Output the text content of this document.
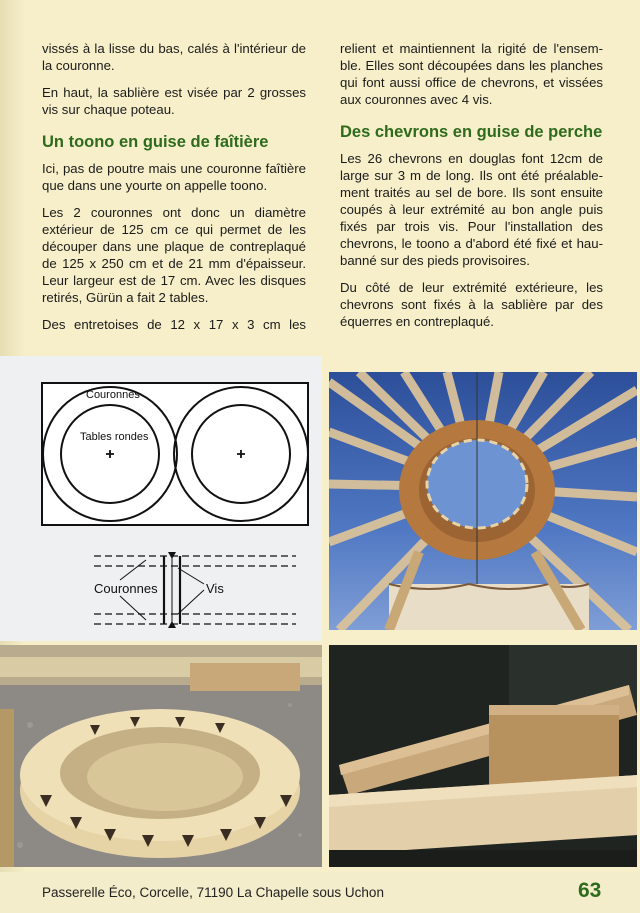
vissés à la lisse du bas, calés à l'intérieur de la couronne.

En haut, la sablière est visée par 2 grosses vis sur chaque poteau.

Un toono en guise de faîtière

Ici, pas de poutre mais une couronne faîtière que dans une yourte on appelle toono.

Les 2 couronnes ont donc un diamètre extérieur de 125 cm ce qui permet de les découper dans une plaque de contreplaqué de 125 x 250 cm et de 21 mm d'épaisseur. Leur largeur est de 17 cm. Avec les disques retirés, Gürün a fait 2 tables.

Des entretoises de 12 x 17 x 3 cm les

relient et maintiennent la rigité de l'ensemble. Elles sont découpées dans les planches qui font aussi office de chevrons, et vissées aux couronnes avec 4 vis.

Des chevrons en guise de perche

Les 26 chevrons en douglas font 12cm de large sur 3 m de long. Ils ont été préalablement traités au sel de bore. Ils sont ensuite coupés à leur extrémité au bon angle puis fixés par trois vis. Pour l'installation des chevrons, le toono a d'abord été fixé et haubanné sur des pieds provisoires.

Du côté de leur extrémité extérieure, les chevrons sont fixés à la sablière par des équerres en contreplaqué.

Couronnes
Tables rondes
Couronnes	Vis
Passerelle Éco, Corcelle, 71190 La Chapelle sous Uchon	63
